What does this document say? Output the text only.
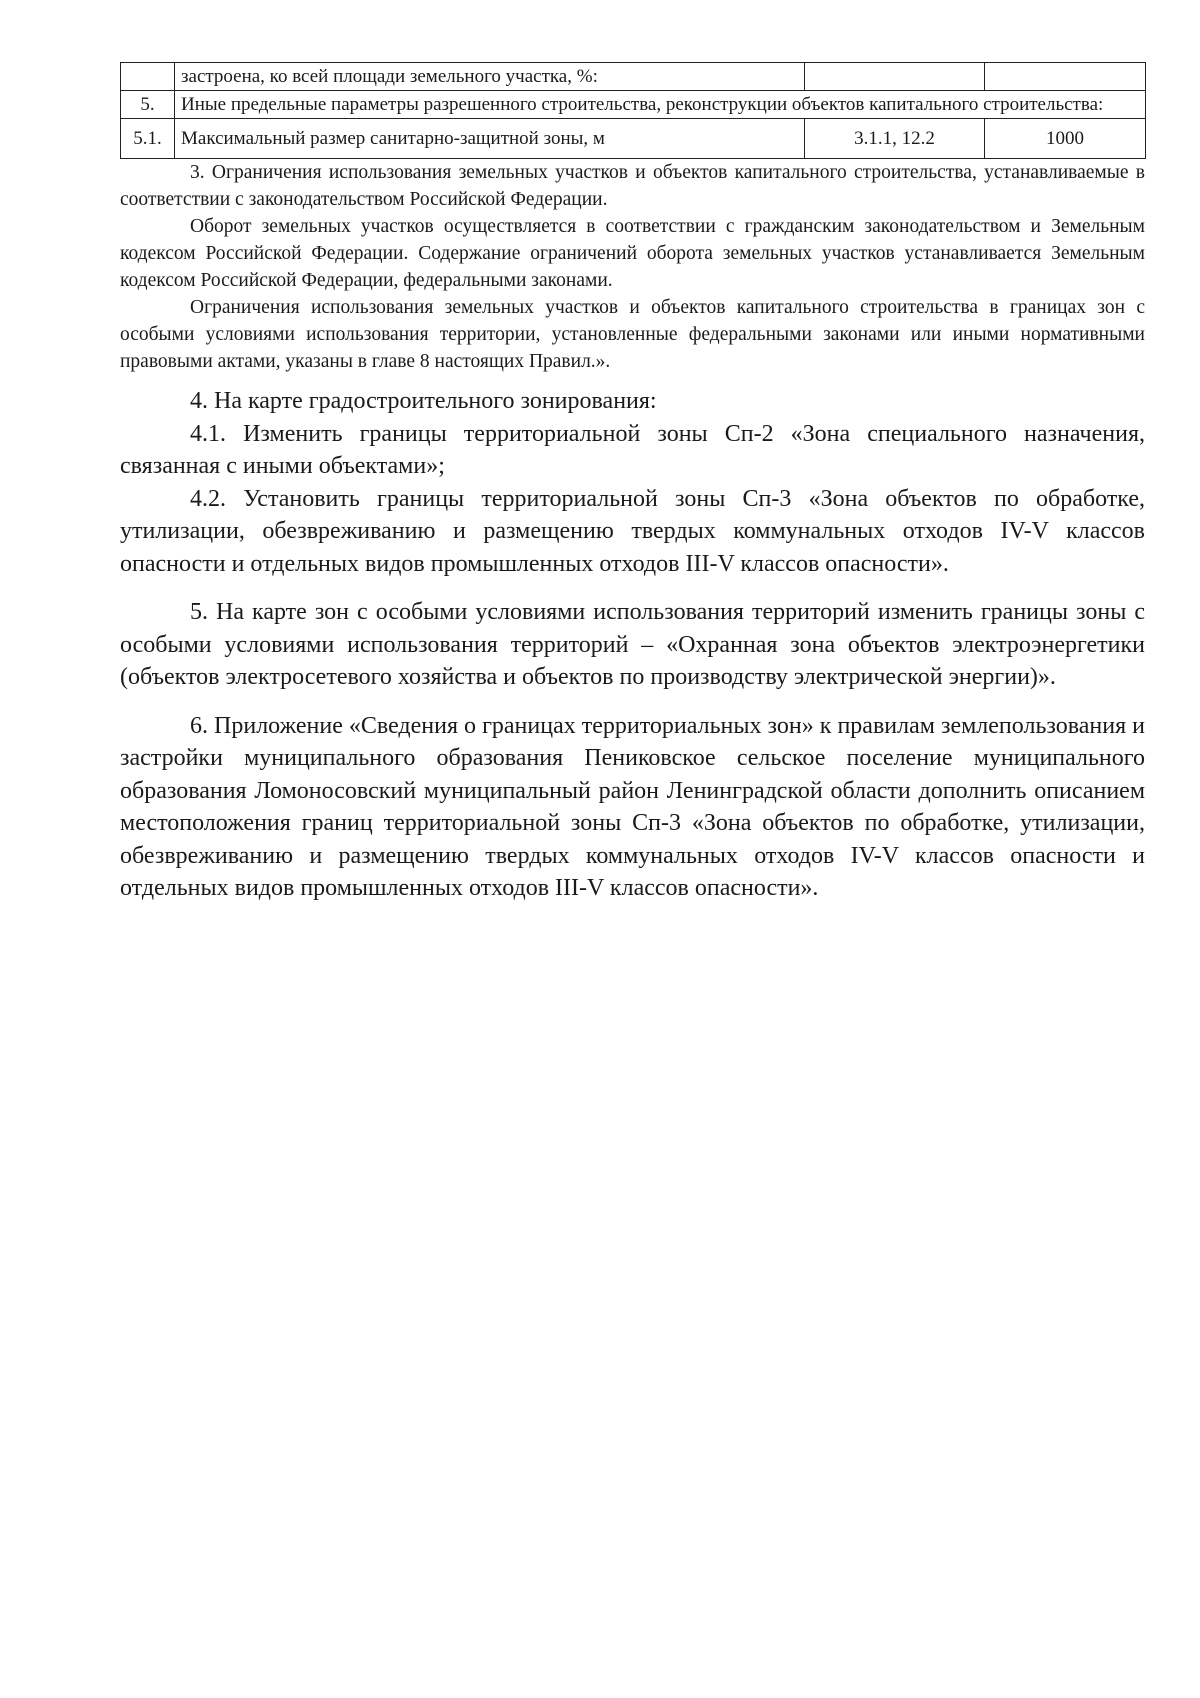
	застроена, ко всей площади земельного участка, %:		
5.	Иные предельные параметры разрешенного строительства, реконструкции объектов капитального строительства:		
5.1.	Максимальный размер санитарно-защитной зоны, м	3.1.1, 12.2	1000

3. Ограничения использования земельных участков и объектов капитального строительства, устанавливаемые в соответствии с законодательством Российской Федерации.

Оборот земельных участков осуществляется в соответствии с гражданским законодательством и Земельным кодексом Российской Федерации. Содержание ограничений оборота земельных участков устанавливается Земельным кодексом Российской Федерации, федеральными законами.

Ограничения использования земельных участков и объектов капитального строительства в границах зон с особыми условиями использования территории, установленные федеральными законами или иными нормативными правовыми актами, указаны в главе 8 настоящих Правил.».

4. На карте градостроительного зонирования:

4.1. Изменить границы территориальной зоны Сп-2 «Зона специального назначения, связанная с иными объектами»;

4.2. Установить границы территориальной зоны Сп-3 «Зона объектов по обработке, утилизации, обезвреживанию и размещению твердых коммунальных отходов IV-V классов опасности и отдельных видов промышленных отходов III-V классов опасности».

5. На карте зон с особыми условиями использования территорий изменить границы зоны с особыми условиями использования территорий – «Охранная зона объектов электроэнергетики (объектов электросетевого хозяйства и объектов по производству электрической энергии)».

6. Приложение «Сведения о границах территориальных зон» к правилам землепользования и застройки муниципального образования Пениковское сельское поселение муниципального образования Ломоносовский муниципальный район Ленинградской области дополнить описанием местоположения границ территориальной зоны Сп-3 «Зона объектов по обработке, утилизации, обезвреживанию и размещению твердых коммунальных отходов IV-V классов опасности и отдельных видов промышленных отходов III-V классов опасности».
